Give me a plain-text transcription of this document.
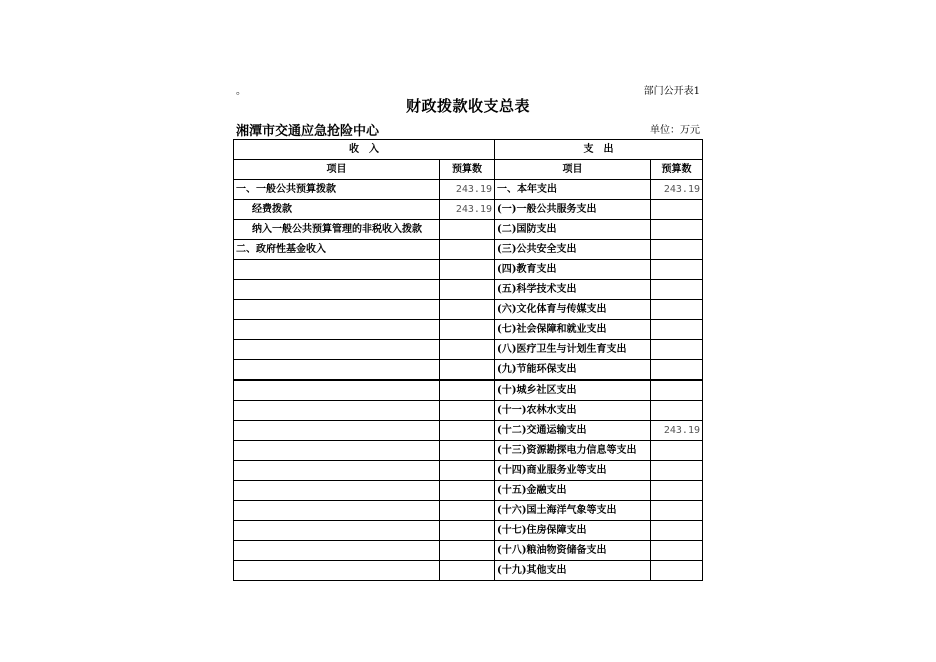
。	部门公开表1
财政拨款收支总表
湘潭市交通应急抢险中心	单位：万元
收　入		支　出	
项目	预算数	项目	预算数
一、一般公共预算拨款	243.19	一、本年支出	243.19
经费拨款	243.19	(一)一般公共服务支出	
纳入一般公共预算管理的非税收入拨款		(二)国防支出	
二、政府性基金收入		(三)公共安全支出	
		(四)教育支出	
		(五)科学技术支出	
		(六)文化体育与传媒支出	
		(七)社会保障和就业支出	
		(八)医疗卫生与计划生育支出	
		(九)节能环保支出	
		(十)城乡社区支出	
		(十一)农林水支出	
		(十二)交通运输支出	243.19
		(十三)资源勘探电力信息等支出	
		(十四)商业服务业等支出	
		(十五)金融支出	
		(十六)国土海洋气象等支出	
		(十七)住房保障支出	
		(十八)粮油物资储备支出	
		(十九)其他支出	
